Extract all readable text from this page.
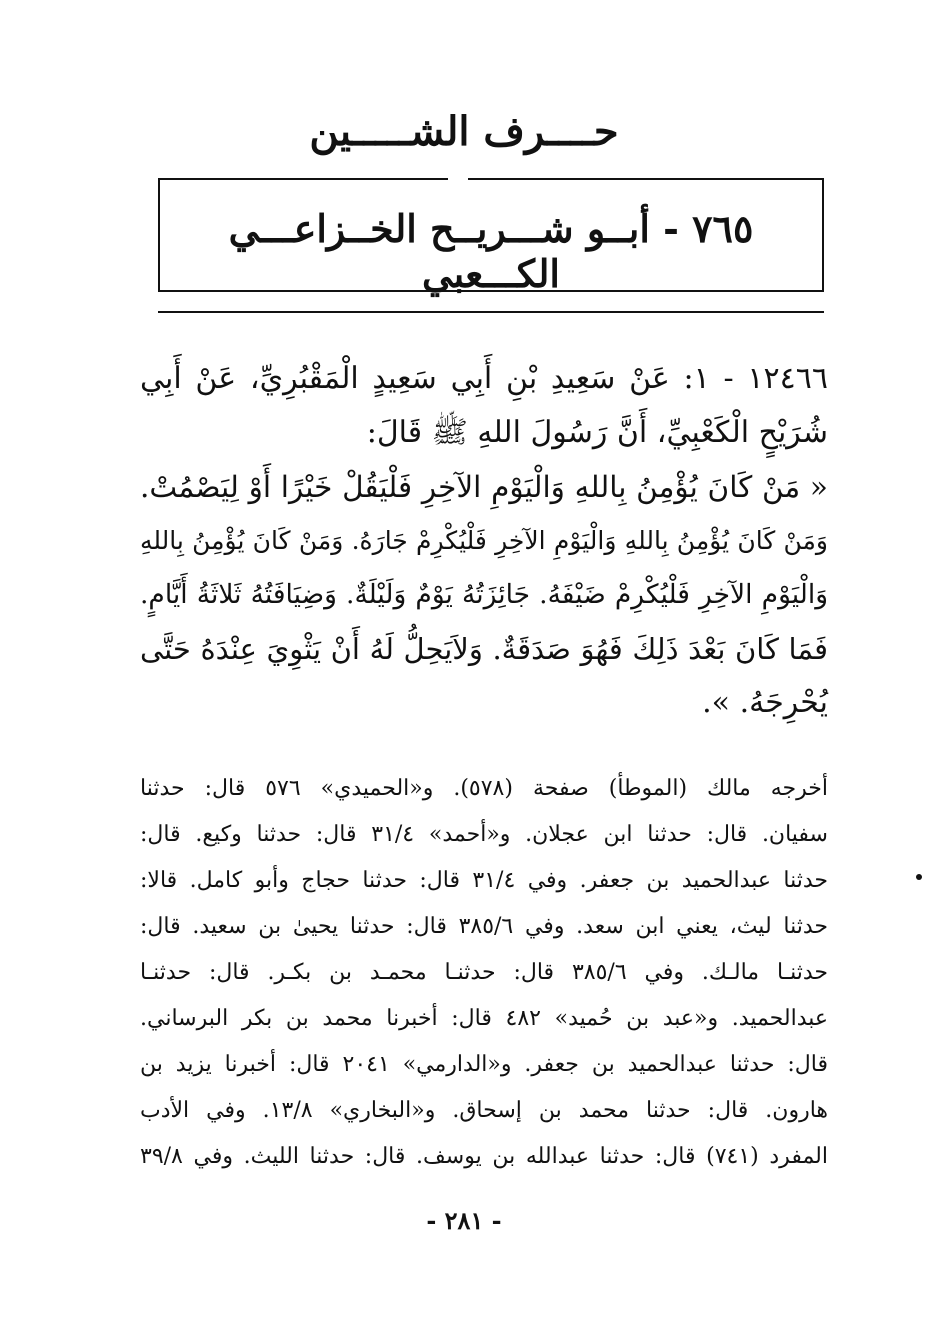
حــــرف الشـــــين
٧٦٥ - أبــو شـــريــح الخــزاعـــي الكـــعبي
١٢٤٦٦ - ١: عَنْ سَعِيدِ بْنِ أَبِي سَعِيدٍ الْمَقْبُرِيِّ، عَنْ أَبِي
شُرَيْحٍ الْكَعْبِيِّ، أَنَّ رَسُولَ اللهِ ﷺ قَالَ:
« مَنْ كَانَ يُؤْمِنُ بِاللهِ وَالْيَوْمِ الآخِرِ فَلْيَقُلْ خَيْرًا أَوْ لِيَصْمُتْ.
وَمَنْ كَانَ يُؤْمِنُ بِاللهِ وَالْيَوْمِ الآخِرِ فَلْيُكْرِمْ جَارَهُ. وَمَنْ كَانَ يُؤْمِنُ بِاللهِ
وَالْيَوْمِ الآخِرِ فَلْيُكْرِمْ ضَيْفَهُ. جَائِزَتُهُ يَوْمٌ وَلَيْلَةٌ. وَضِيَافَتُهُ ثَلاثَةُ أَيَّامٍ.
فَمَا كَانَ بَعْدَ ذَلِكَ فَهُوَ صَدَقَةٌ. وَلاَيَحِلُّ لَهُ أَنْ يَثْوِيَ عِنْدَهُ حَتَّى
يُحْرِجَهُ. ».
أخرجه مالك (الموطأ) صفحة (٥٧٨). و«الحميدي» ٥٧٦ قال: حدثنا
سفيان. قال: حدثنا ابن عجلان. و«أحمد» ٣١/٤ قال: حدثنا وكيع. قال:
حدثنا عبدالحميد بن جعفر. وفي ٣١/٤ قال: حدثنا حجاج وأبو كامل. قالا:
حدثنا ليث، يعني ابن سعد. وفي ٣٨٥/٦ قال: حدثنا يحيىٰ بن سعيد. قال:
حدثنـا مالـك. وفي ٣٨٥/٦ قال: حدثنـا محمـد بن بكـر. قال: حدثنـا
عبدالحميد. و«عبد بن حُميد» ٤٨٢ قال: أخبرنا محمد بن بكر البرساني.
قال: حدثنا عبدالحميد بن جعفر. و«الدارمي» ٢٠٤١ قال: أخبرنا يزيد بن
هارون. قال: حدثنا محمد بن إسحاق. و«البخاري» ١٣/٨. وفي الأدب
المفرد (٧٤١) قال: حدثنا عبدالله بن يوسف. قال: حدثنا الليث. وفي ٣٩/٨
- ٢٨١ -
